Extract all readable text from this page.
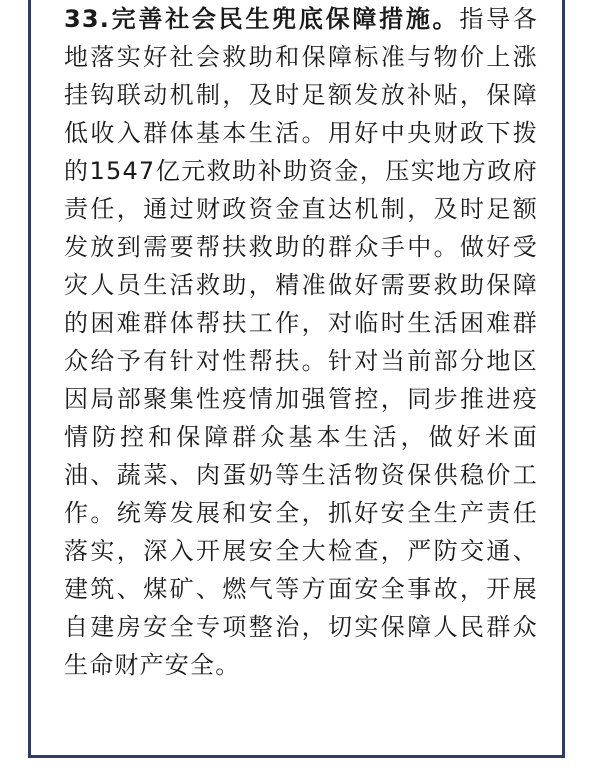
33.完善社会民生兜底保障措施。指导各地落实好社会救助和保障标准与物价上涨挂钩联动机制，及时足额发放补贴，保障低收入群体基本生活。用好中央财政下拨的1547亿元救助补助资金，压实地方政府责任，通过财政资金直达机制，及时足额发放到需要帮扶救助的群众手中。做好受灾人员生活救助，精准做好需要救助保障的困难群体帮扶工作，对临时生活困难群众给予有针对性帮扶。针对当前部分地区因局部聚集性疫情加强管控，同步推进疫情防控和保障群众基本生活，做好米面油、蔬菜、肉蛋奶等生活物资保供稳价工作。统筹发展和安全，抓好安全生产责任落实，深入开展安全大检查，严防交通、建筑、煤矿、燃气等方面安全事故，开展自建房安全专项整治，切实保障人民群众生命财产安全。
